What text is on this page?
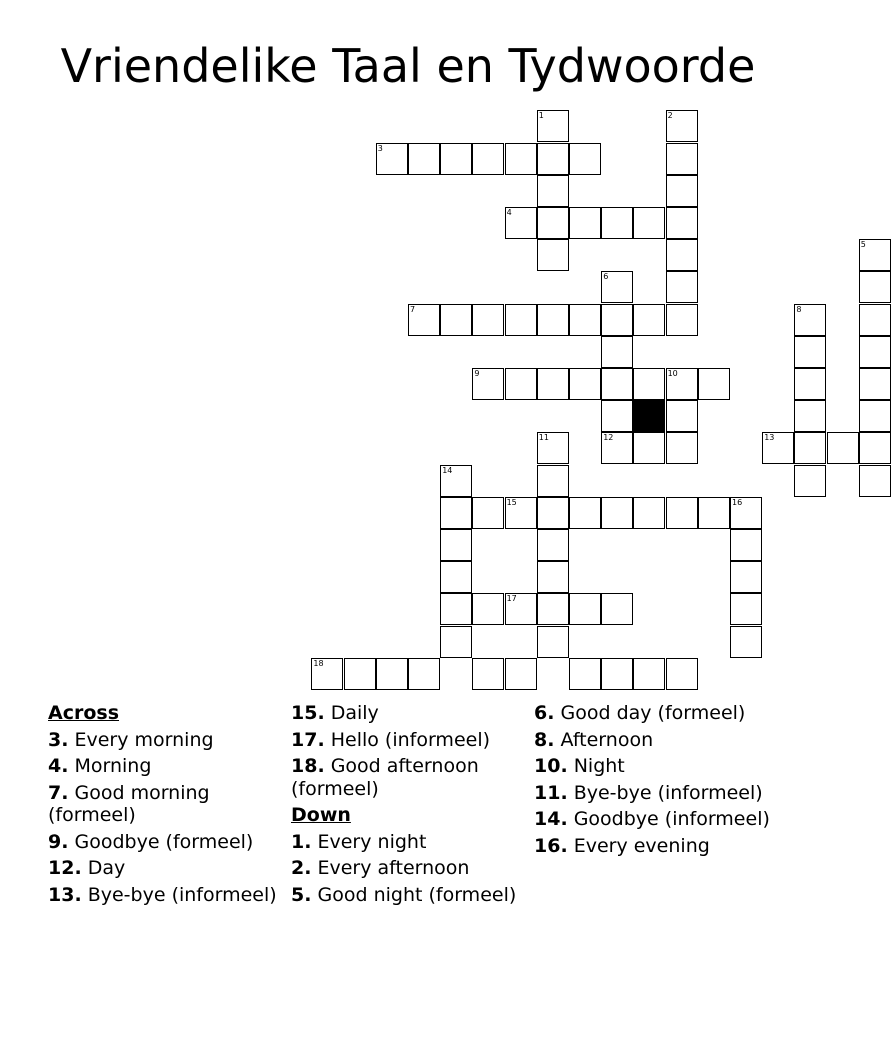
Vriendelike Taal en Tydwoorde
3
1	2
4
5
6
12
7	8
9	10
13
11
14
15	16
17
18
Across
3. Every morning
4. Morning
7. Good morning (formeel)
9. Goodbye (formeel)
12. Day
13. Bye-bye (informeel)
15. Daily
17. Hello (informeel)
18. Good afternoon (formeel)
Down
1. Every night
2. Every afternoon
5. Good night (formeel)
6. Good day (formeel)
8. Afternoon
10. Night
11. Bye-bye (informeel)
14. Goodbye (informeel)
16. Every evening
